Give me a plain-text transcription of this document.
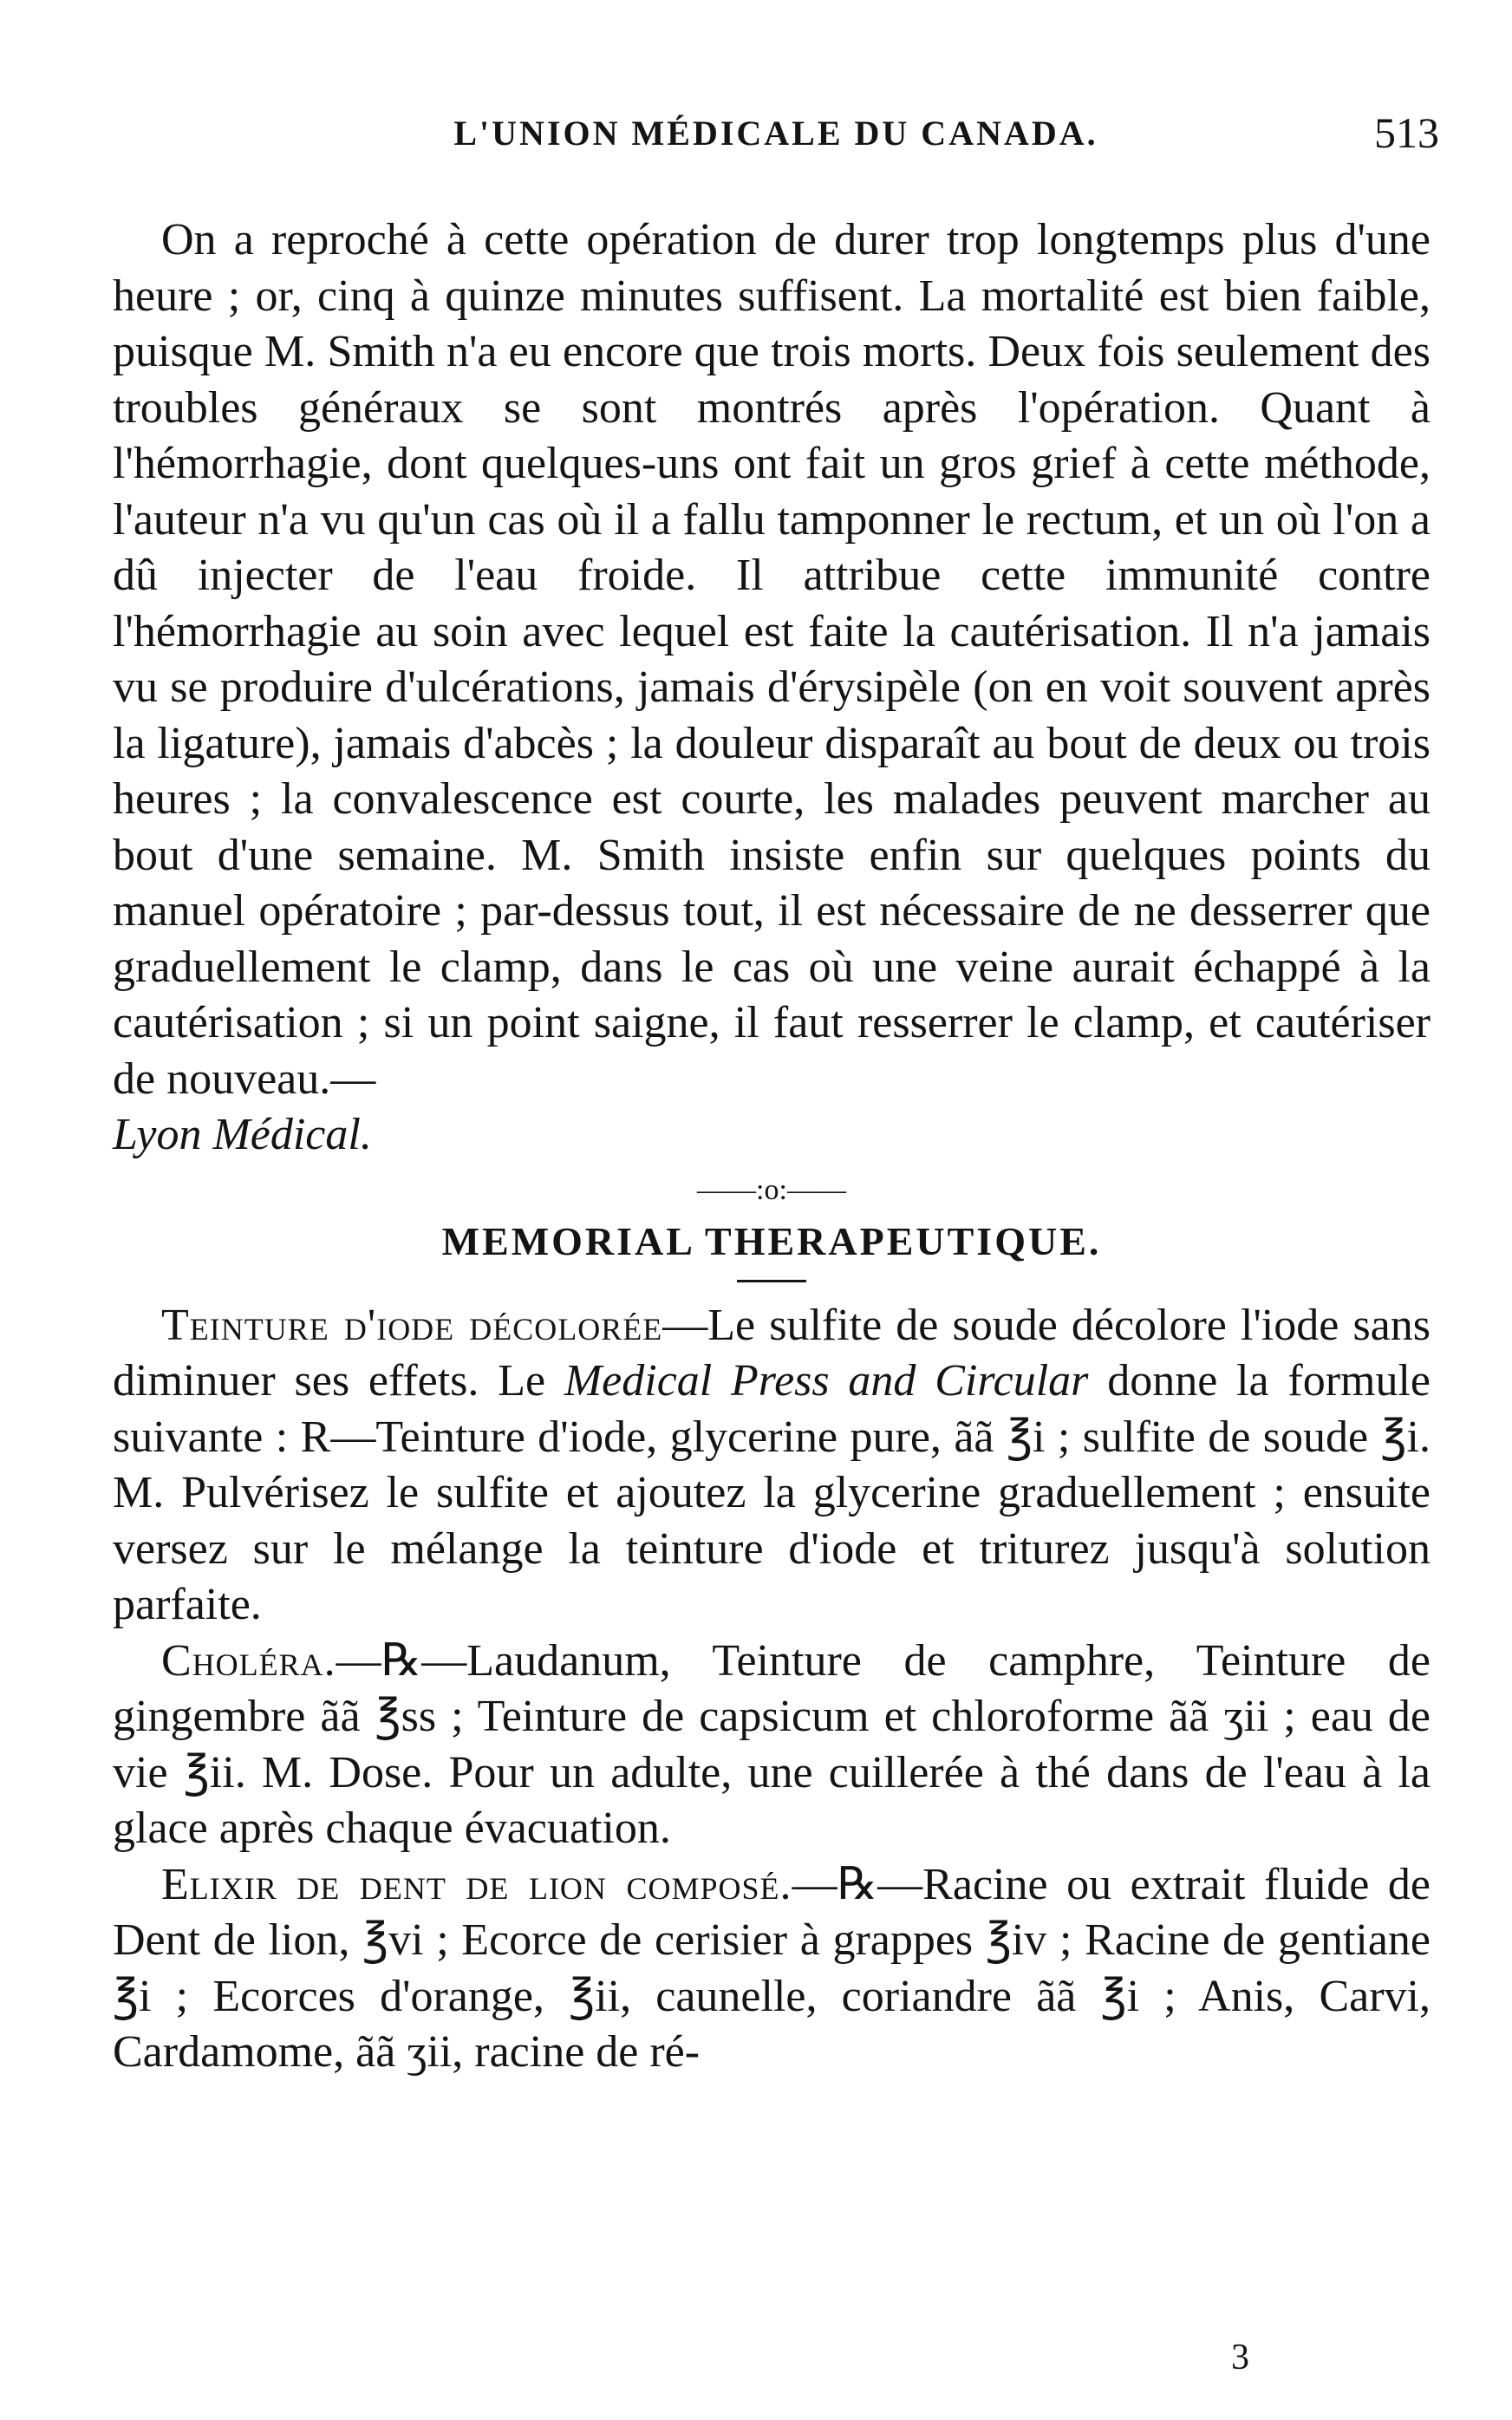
L'UNION MÉDICALE DU CANADA.	513

On a reproché à cette opération de durer trop longtemps plus d'une heure ; or, cinq à quinze minutes suffisent. La mortalité est bien faible, puisque M. Smith n'a eu encore que trois morts. Deux fois seulement des troubles généraux se sont montrés après l'opération. Quant à l'hémorrhagie, dont quelques-uns ont fait un gros grief à cette méthode, l'auteur n'a vu qu'un cas où il a fallu tamponner le rectum, et un où l'on a dû injecter de l'eau froide. Il attribue cette immunité contre l'hémorrhagie au soin avec lequel est faite la cautérisation. Il n'a jamais vu se produire d'ulcérations, jamais d'érysipèle (on en voit souvent après la ligature), jamais d'abcès ; la douleur disparaît au bout de deux ou trois heures ; la convalescence est courte, les malades peuvent marcher au bout d'une semaine. M. Smith insiste enfin sur quelques points du manuel opératoire ; par-dessus tout, il est nécessaire de ne desserrer que graduellement le clamp, dans le cas où une veine aurait échappé à la cautérisation ; si un point saigne, il faut resserrer le clamp, et cautériser de nouveau.—

Lyon Médical.

——:o:——
MEMORIAL THERAPEUTIQUE.

Teinture d'iode décolorée—Le sulfite de soude décolore l'iode sans diminuer ses effets. Le Medical Press and Circular donne la formule suivante : R—Teinture d'iode, glycerine pure, ãã ℥i ; sulfite de soude ℥i. M. Pulvérisez le sulfite et ajoutez la glycerine graduellement ; ensuite versez sur le mélange la teinture d'iode et triturez jusqu'à solution parfaite.

Choléra.—℞—Laudanum, Teinture de camphre, Teinture de gingembre ãã ℥ss ; Teinture de capsicum et chloroforme ãã ʒii ; eau de vie ℥ii. M. Dose. Pour un adulte, une cuillerée à thé dans de l'eau à la glace après chaque évacuation.

Elixir de dent de lion composé.—℞—Racine ou extrait fluide de Dent de lion, ℥vi ; Ecorce de cerisier à grappes ℥iv ; Racine de gentiane ℥i ; Ecorces d'orange, ℥ii, caunelle, coriandre ãã ℥i ; Anis, Carvi, Cardamome, ãã ʒii, racine de ré-

3
